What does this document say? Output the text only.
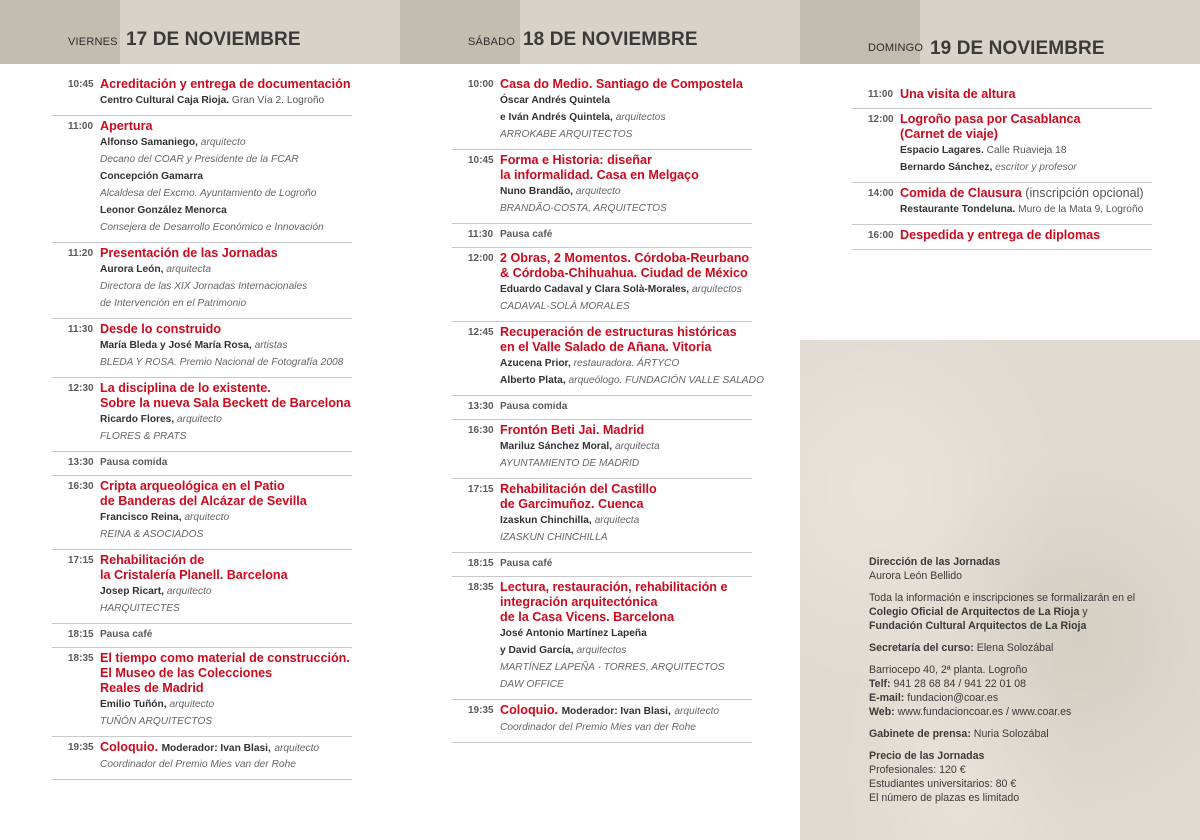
VIERNES 17 DE NOVIEMBRE	SÁBADO 18 DE NOVIEMBRE	DOMINGO 19 DE NOVIEMBRE
10:45 Acreditación y entrega de documentación
Centro Cultural Caja Rioja. Gran Vía 2. Logroño
11:00 Apertura
Alfonso Samaniego, arquitecto
Decano del COAR y Presidente de la FCAR
Concepción Gamarra
Alcaldesa del Excmo. Ayuntamiento de Logroño
Leonor González Menorca
Consejera de Desarrollo Económico e Innovación
11:20 Presentación de las Jornadas
Aurora León, arquitecta
Directora de las XIX Jornadas Internacionales
de Intervención en el Patrimonio
11:30 Desde lo construido
María Bleda y José María Rosa, artistas
BLEDA Y ROSA. Premio Nacional de Fotografía 2008
12:30 La disciplina de lo existente.
Sobre la nueva Sala Beckett de Barcelona
Ricardo Flores, arquitecto
FLORES & PRATS
13:30 Pausa comida
16:30 Cripta arqueológica en el Patio
de Banderas del Alcázar de Sevilla
Francisco Reina, arquitecto
REINA & ASOCIADOS
17:15 Rehabilitación de
la Cristalería Planell. Barcelona
Josep Ricart, arquitecto
HARQUITECTES
18:15 Pausa café
18:35 El tiempo como material de construcción.
El Museo de las Colecciones
Reales de Madrid
Emilio Tuñón, arquitecto
TUÑÓN ARQUITECTOS
19:35 Coloquio. Moderador: Ivan Blasi, arquitecto
Coordinador del Premio Mies van der Rohe
10:00 Casa do Medio. Santiago de Compostela
Óscar Andrés Quintela
e Iván Andrés Quintela, arquitectos
ARROKABE ARQUITECTOS
10:45 Forma e Historia: diseñar
la informalidad. Casa en Melgaço
Nuno Brandão, arquitecto
BRANDÃO-COSTA, ARQUITECTOS
11:30 Pausa café
12:00 2 Obras, 2 Momentos. Córdoba-Reurbano
& Córdoba-Chihuahua. Ciudad de México
Eduardo Cadaval y Clara Solà-Morales, arquitectos
CADAVAL-SOLÀ MORALES
12:45 Recuperación de estructuras históricas
en el Valle Salado de Añana. Vitoria
Azucena Prior, restauradora. ÁRTYCO
Alberto Plata, arqueólogo. FUNDACIÓN VALLE SALADO
13:30 Pausa comida
16:30 Frontón Beti Jai. Madrid
Mariluz Sánchez Moral, arquitecta
AYUNTAMIENTO DE MADRID
17:15 Rehabilitación del Castillo
de Garcimuñoz. Cuenca
Izaskun Chinchilla, arquitecta
IZASKUN CHINCHILLA
18:15 Pausa café
18:35 Lectura, restauración, rehabilitación e
integración arquitectónica
de la Casa Vicens. Barcelona
José Antonio Martínez Lapeña
y David García, arquitectos
MARTÍNEZ LAPEÑA - TORRES, ARQUITECTOS
DAW OFFICE
19:35 Coloquio. Moderador: Ivan Blasi, arquitecto
Coordinador del Premio Mies van der Rohe
11:00 Una visita de altura
12:00 Logroño pasa por Casablanca
(Carnet de viaje)
Espacio Lagares. Calle Ruavieja 18
Bernardo Sánchez, escritor y profesor
14:00 Comida de Clausura (inscripción opcional)
Restaurante Tondeluna. Muro de la Mata 9, Logroño
16:00 Despedida y entrega de diplomas

Dirección de las Jornadas
Aurora León Bellido

Toda la información e inscripciones se formalizarán en el
Colegio Oficial de Arquitectos de La Rioja y
Fundación Cultural Arquitectos de La Rioja

Secretaría del curso: Elena Solozábal

Barriocepo 40, 2ª planta. Logroño
Telf: 941 28 68 84 / 941 22 01 08
E-mail: fundacion@coar.es
Web: www.fundacioncoar.es / www.coar.es

Gabinete de prensa: Nuria Solozábal

Precio de las Jornadas
Profesionales: 120 €
Estudiantes universitarios: 80 €
El número de plazas es limitado
